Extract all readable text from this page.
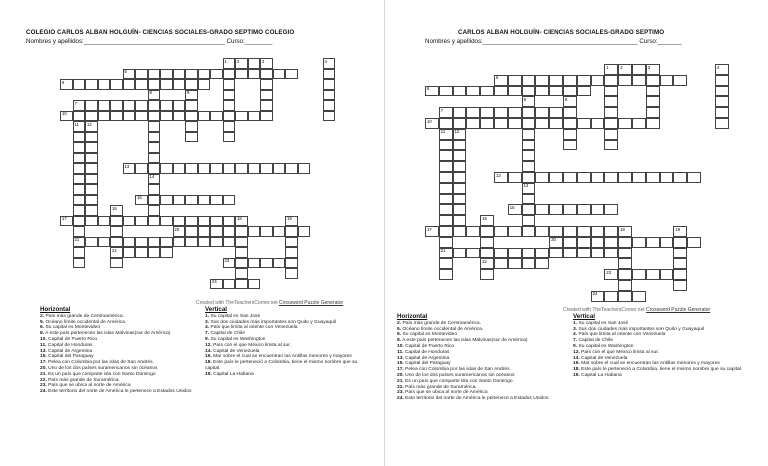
COLEGIO CARLOS ALBAN HOLGUÍN- CIENCIAS SOCIALES-GRADO SEPTIMO COLEGIO
Nombres y apellidos:_________________________________________ Curso:________
1 2	3	4
5
6
7
8
14
9
10
11
21
12
13
15
16
22
17	18	19
20
23
24
Created with TheTeachersCorner.net Crossword Puzzle Generator
Horizontal
2. País más grande de Centroamérica.
5. Océano límite occidental de América.
6. Su capital es Montevideo
8. A este país pertenecen las islas Malvinas(sur de América)
10. Capital de Puerto Rico
11. Capital de Honduras
13. Capital de Argentina
15. Capital del Paraguay
17. Pelea con Colombia por las islas de San Andrés.
20. Uno de los dos países suramericanos sin océanos
21. Es un país que comparte isla con Santo Domingo
22. País más grande de Suramérica.
23. País que se ubica al norte de América
24. Este territorio del norte de América le pertenece a Estados Unidos
Vertical
1. Su capital es San José
3. Sus dos ciudades más importantes son Quito y Guayaquil
4. País que limita al oriente con Venezuela
7. Capital de Chile
9. Su capital es Washington
12. País con el que México limita al sur.
14. Capital de Venezuela
16. Mar sobre el cual se encuentran las Antillas menores y mayores
18. Este país le perteneció a Colombia, tiene el mismo nombre que su capital.
19. Capital La Habana
CARLOS ALBAN HOLGUÍN- CIENCIAS SOCIALES-GRADO SEPTIMO
Nombres y apellidos:_____________________________________________ Curso:_______
1	2	3	4
5
6
7
8
14
9
10
11
21
12
13
15
16
22
17	18	19
20
23
24
Created with TheTeachersCorner.net Crossword Puzzle Generator
Horizontal
2. País más grande de Centroamérica.
5. Océano límite occidental de América.
6. Su capital es Montevideo
8. A este país pertenecen las islas Malvinas(sur de América)
10. Capital de Puerto Rico
11. Capital de Honduras
13. Capital de Argentina
15. Capital del Paraguay
17. Pelea con Colombia por las islas de San Andrés.
20. Uno de los dos países suramericanos sin océanos
21. Es un país que comparte isla con Santo Domingo
22. País más grande de Suramérica.
23. País que se ubica al norte de América
24. Este territorio del norte de América le pertenece a Estados Unidos
Vertical
1. Su capital es San José
3. Sus dos ciudades más importantes son Quito y Guayaquil
4. País que limita al oriente con Venezuela
7. Capital de Chile
9. Su capital es Washington
12. País con el que México limita al sur.
14. Capital de Venezuela
16. Mar sobre el cual se encuentran las Antillas menores y mayores
18. Este país le perteneció a Colombia, tiene el mismo nombre que su capital.
19. Capital La Habana
